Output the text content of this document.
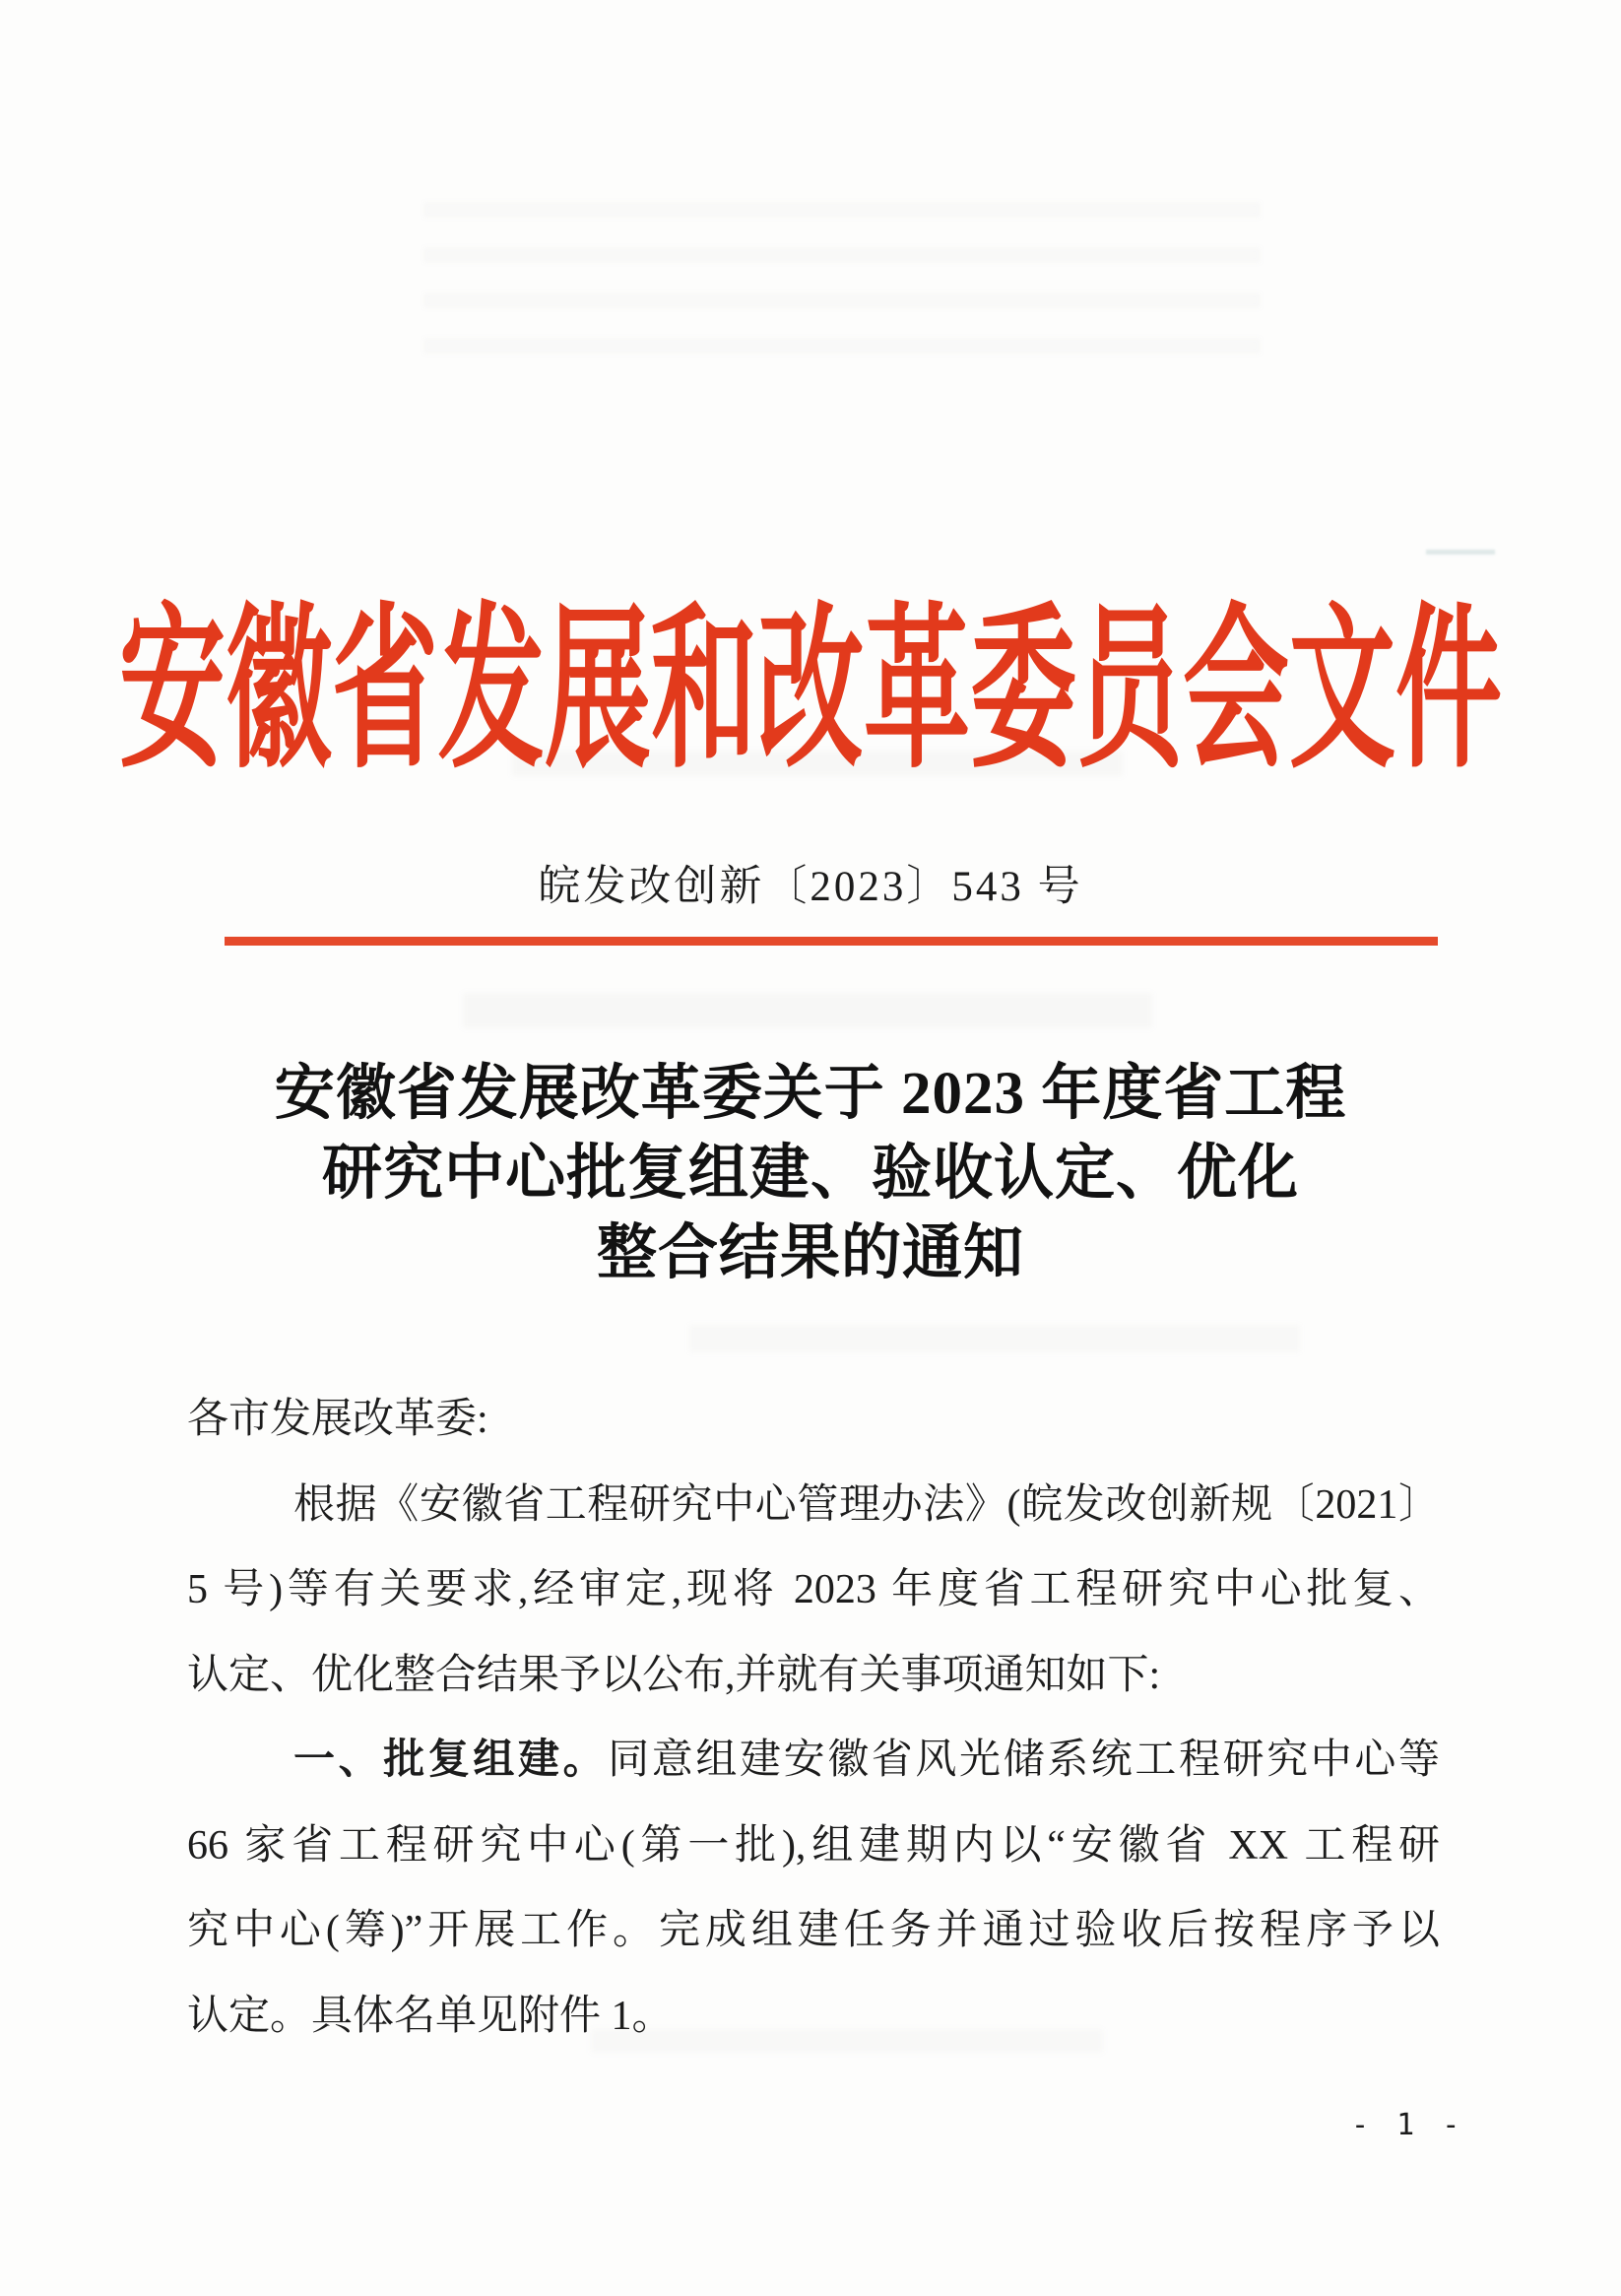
安徽省发展和改革委员会文件
皖发改创新〔2023〕543 号
安徽省发展改革委关于 2023 年度省工程
研究中心批复组建、验收认定、优化
整合结果的通知
各市发展改革委:
根据《安徽省工程研究中心管理办法》(皖发改创新规〔2021〕
5 号)等有关要求,经审定,现将 2023 年度省工程研究中心批复、
认定、优化整合结果予以公布,并就有关事项通知如下:
一、批复组建。同意组建安徽省风光储系统工程研究中心等
66 家省工程研究中心(第一批),组建期内以“安徽省 XX 工程研
究中心(筹)”开展工作。完成组建任务并通过验收后按程序予以
认定。具体名单见附件 1。
- 1 -
